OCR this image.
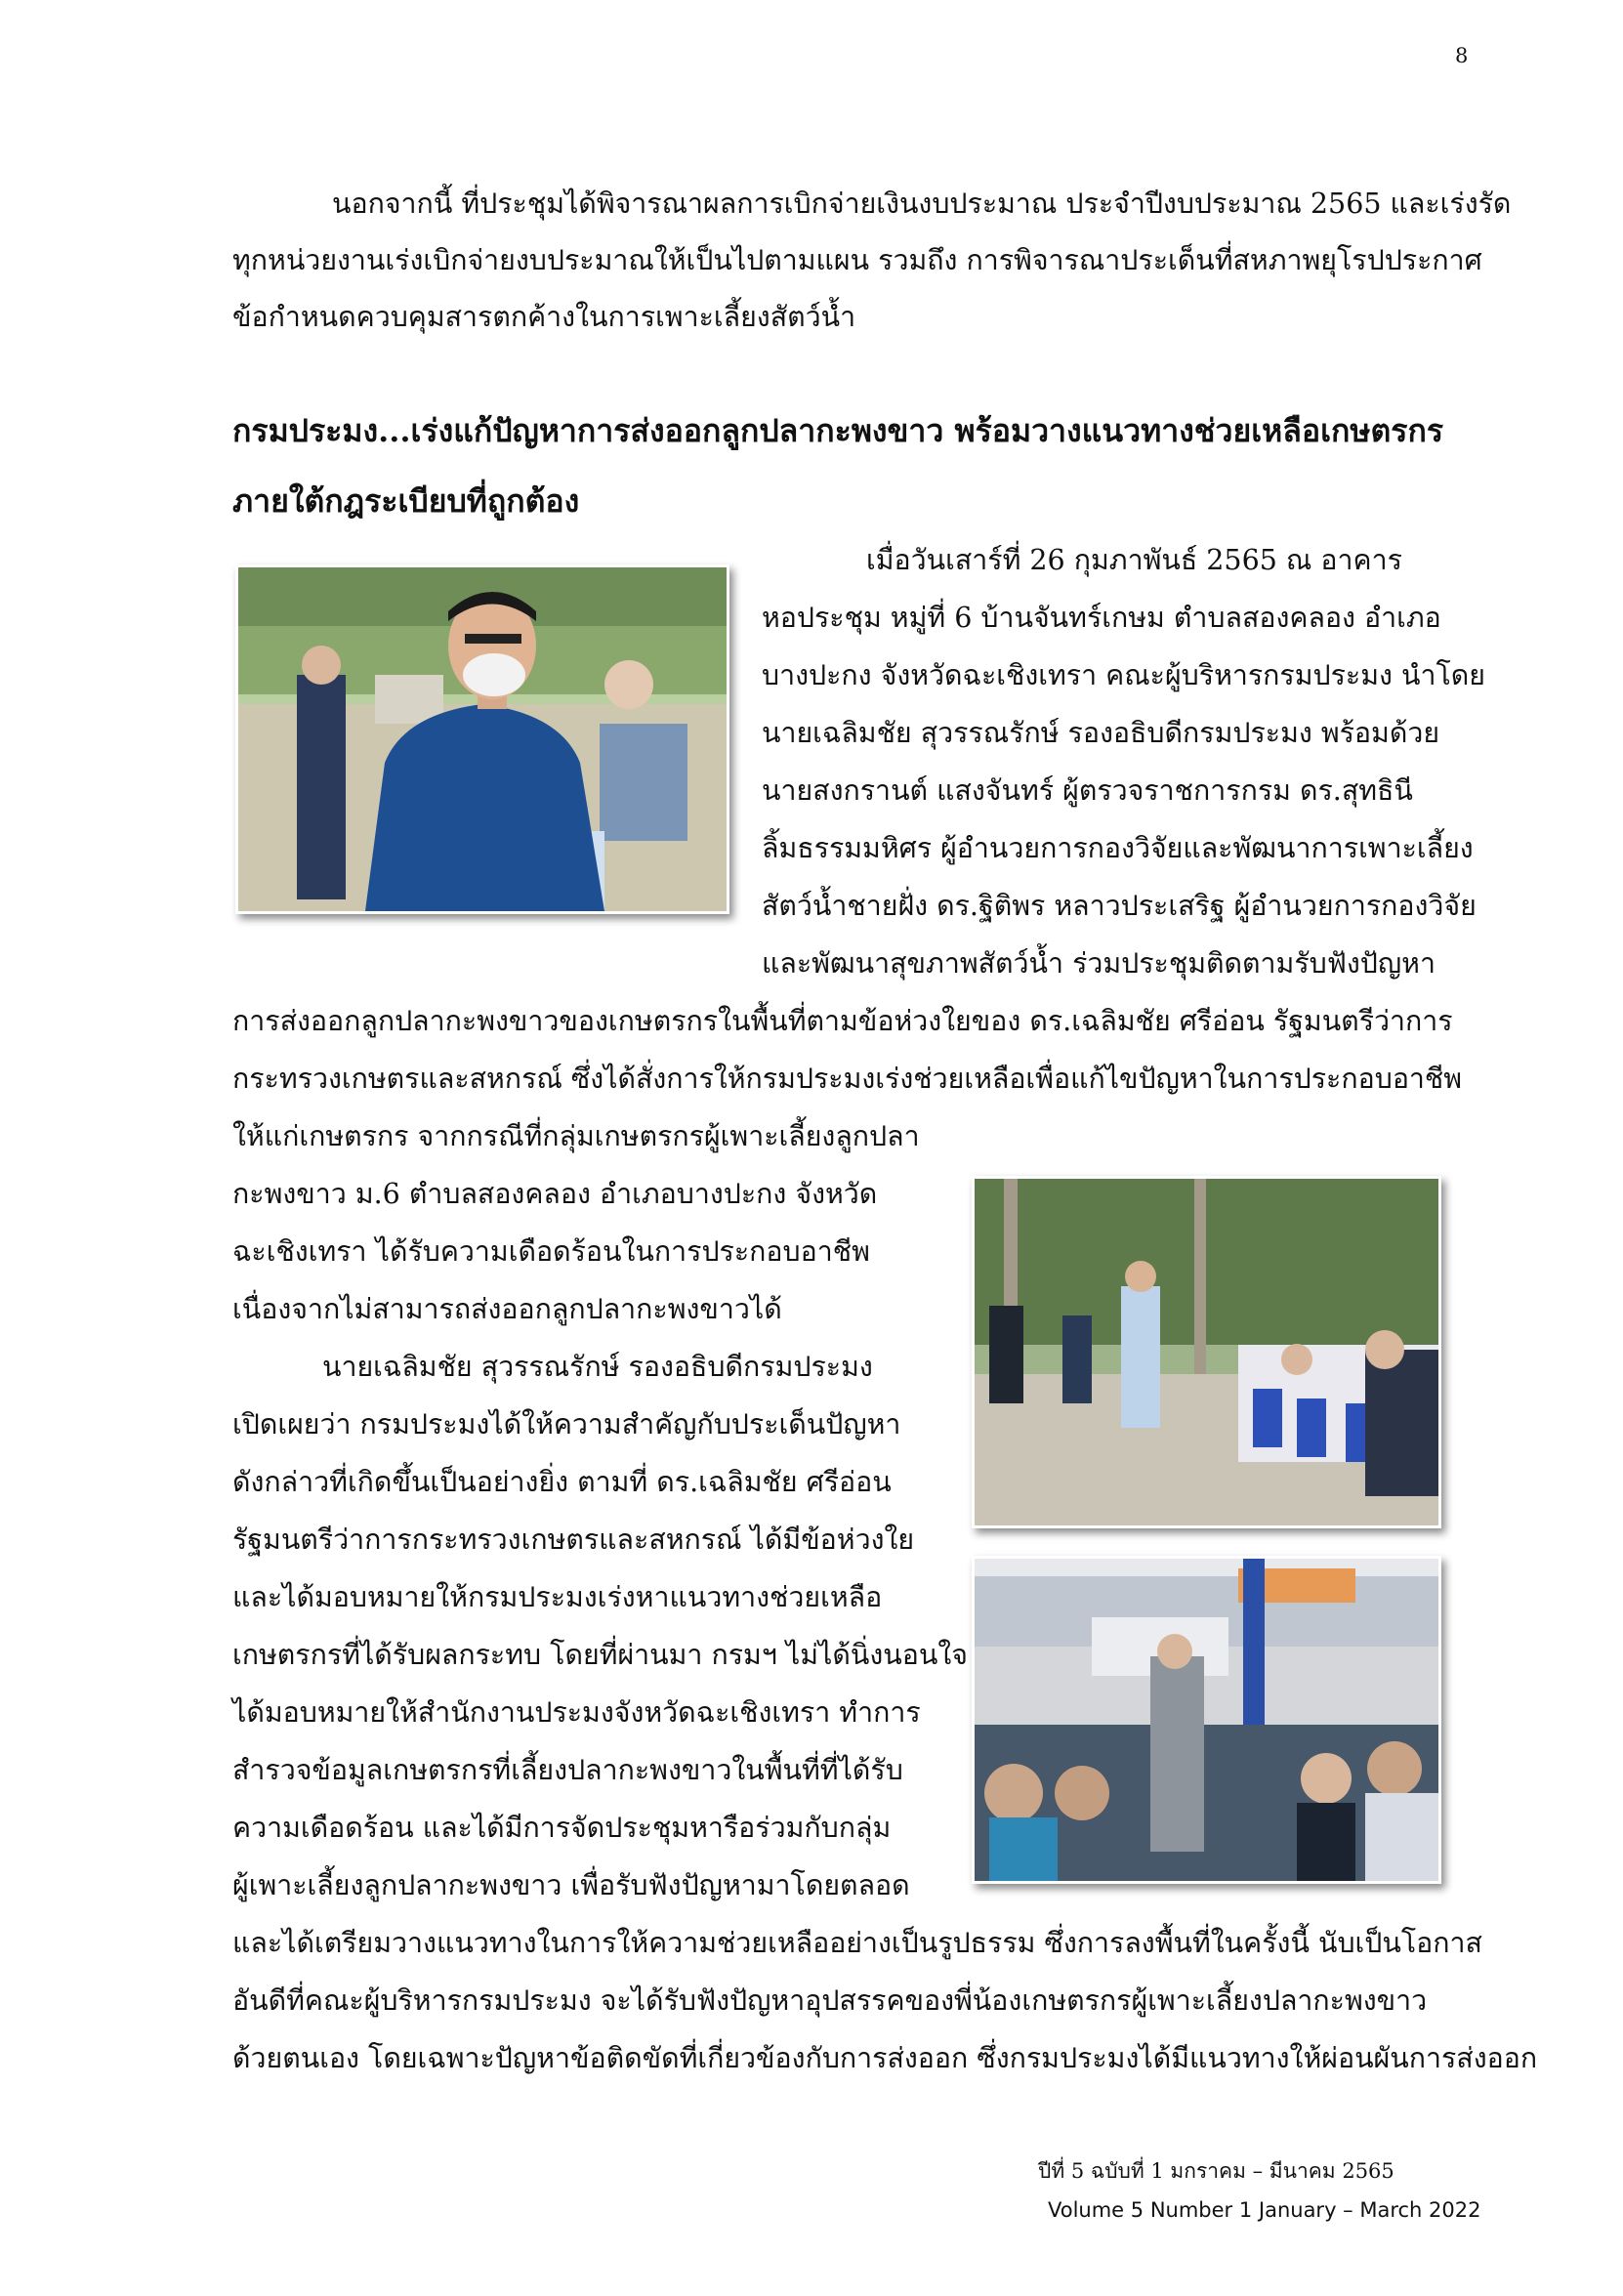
8
นอกจากนี้ ที่ประชุมได้พิจารณาผลการเบิกจ่ายเงินงบประมาณ ประจำปีงบประมาณ 2565 และเร่งรัด
ทุกหน่วยงานเร่งเบิกจ่ายงบประมาณให้เป็นไปตามแผน รวมถึง การพิจารณาประเด็นที่สหภาพยุโรปประกาศ
ข้อกำหนดควบคุมสารตกค้างในการเพาะเลี้ยงสัตว์น้ำ
กรมประมง...เร่งแก้ปัญหาการส่งออกลูกปลากะพงขาว พร้อมวางแนวทางช่วยเหลือเกษตรกร
ภายใต้กฎระเบียบที่ถูกต้อง
เมื่อวันเสาร์ที่ 26 กุมภาพันธ์ 2565 ณ อาคาร
หอประชุม หมู่ที่ 6 บ้านจันทร์เกษม ตำบลสองคลอง อำเภอ
บางปะกง จังหวัดฉะเชิงเทรา คณะผู้บริหารกรมประมง นำโดย
นายเฉลิมชัย สุวรรณรักษ์ รองอธิบดีกรมประมง พร้อมด้วย
นายสงกรานต์ แสงจันทร์ ผู้ตรวจราชการกรม ดร.สุทธินี
ลิ้มธรรมมหิศร ผู้อำนวยการกองวิจัยและพัฒนาการเพาะเลี้ยง
สัตว์น้ำชายฝั่ง ดร.ฐิติพร หลาวประเสริฐ ผู้อำนวยการกองวิจัย
และพัฒนาสุขภาพสัตว์น้ำ ร่วมประชุมติดตามรับฟังปัญหา
การส่งออกลูกปลากะพงขาวของเกษตรกรในพื้นที่ตามข้อห่วงใยของ ดร.เฉลิมชัย ศรีอ่อน รัฐมนตรีว่าการ
กระทรวงเกษตรและสหกรณ์ ซึ่งได้สั่งการให้กรมประมงเร่งช่วยเหลือเพื่อแก้ไขปัญหาในการประกอบอาชีพ
ให้แก่เกษตรกร จากกรณีที่กลุ่มเกษตรกรผู้เพาะเลี้ยงลูกปลา
กะพงขาว ม.6 ตำบลสองคลอง อำเภอบางปะกง จังหวัด
ฉะเชิงเทรา ได้รับความเดือดร้อนในการประกอบอาชีพ
เนื่องจากไม่สามารถส่งออกลูกปลากะพงขาวได้
นายเฉลิมชัย สุวรรณรักษ์ รองอธิบดีกรมประมง
เปิดเผยว่า กรมประมงได้ให้ความสำคัญกับประเด็นปัญหา
ดังกล่าวที่เกิดขึ้นเป็นอย่างยิ่ง ตามที่ ดร.เฉลิมชัย ศรีอ่อน
รัฐมนตรีว่าการกระทรวงเกษตรและสหกรณ์ ได้มีข้อห่วงใย
และได้มอบหมายให้กรมประมงเร่งหาแนวทางช่วยเหลือ
เกษตรกรที่ได้รับผลกระทบ โดยที่ผ่านมา กรมฯ ไม่ได้นิ่งนอนใจ
ได้มอบหมายให้สำนักงานประมงจังหวัดฉะเชิงเทรา ทำการ
สำรวจข้อมูลเกษตรกรที่เลี้ยงปลากะพงขาวในพื้นที่ที่ได้รับ
ความเดือดร้อน และได้มีการจัดประชุมหารือร่วมกับกลุ่ม
ผู้เพาะเลี้ยงลูกปลากะพงขาว เพื่อรับฟังปัญหามาโดยตลอด
และได้เตรียมวางแนวทางในการให้ความช่วยเหลืออย่างเป็นรูปธรรม ซึ่งการลงพื้นที่ในครั้งนี้ นับเป็นโอกาส
อันดีที่คณะผู้บริหารกรมประมง จะได้รับฟังปัญหาอุปสรรคของพี่น้องเกษตรกรผู้เพาะเลี้ยงปลากะพงขาว
ด้วยตนเอง โดยเฉพาะปัญหาข้อติดขัดที่เกี่ยวข้องกับการส่งออก ซึ่งกรมประมงได้มีแนวทางให้ผ่อนผันการส่งออก
ปีที่ 5 ฉบับที่ 1 มกราคม – มีนาคม 2565
Volume 5 Number 1 January – March 2022
